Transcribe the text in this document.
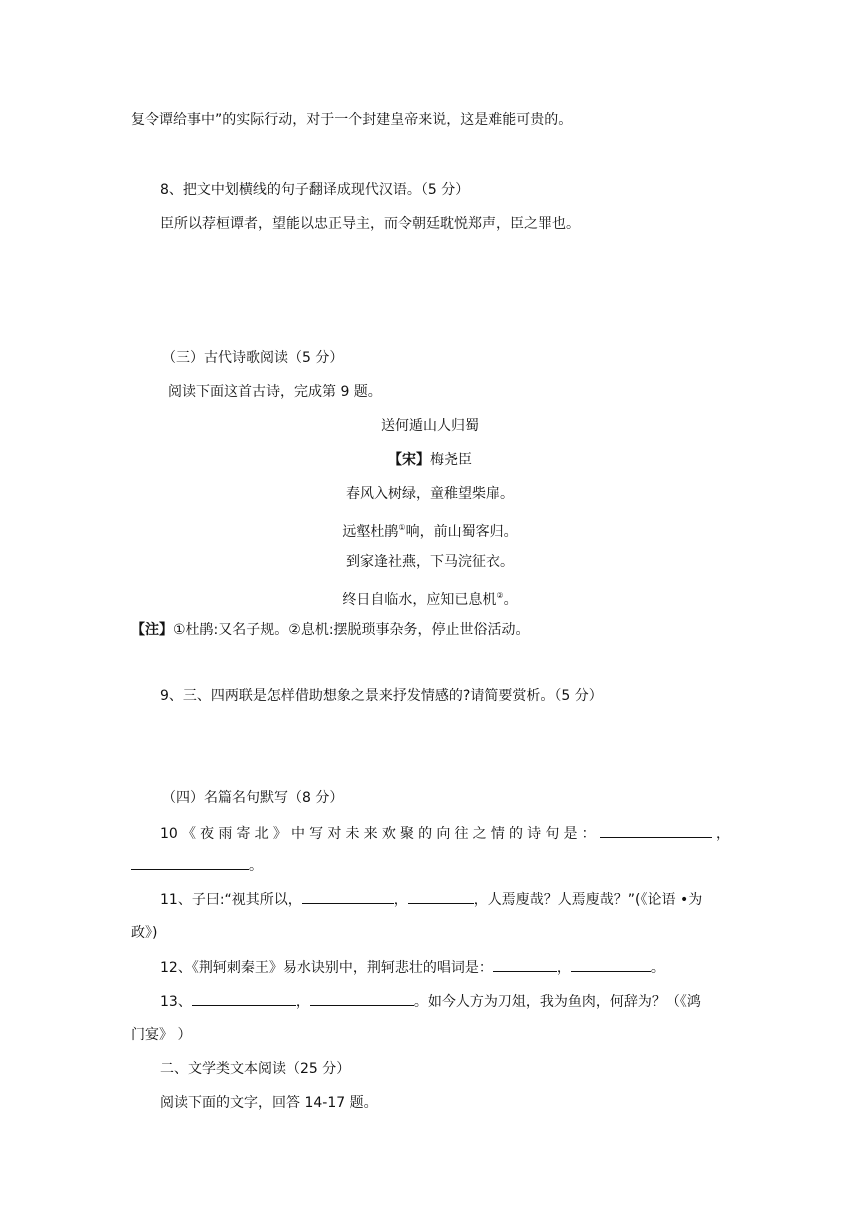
复令谭给事中”的实际行动，对于一个封建皇帝来说，这是难能可贵的。
8、把文中划横线的句子翻译成现代汉语。（5 分）
臣所以荐桓谭者，望能以忠正导主，而令朝廷耽悦郑声，臣之罪也。
（三）古代诗歌阅读（5 分）
阅读下面这首古诗，完成第 9 题。
送何遁山人归蜀
【宋】梅尧臣
春风入树绿，童稚望柴扉。
远壑杜鹃①响，前山蜀客归。
到家逢社燕，下马浣征衣。
终日自临水，应知已息机②。
【注】①杜鹃:又名子规。②息机:摆脱琐事杂务，停止世俗活动。
9、三、四两联是怎样借助想象之景来抒发情感的?请简要赏析。（5 分）
（四）名篇名句默写（8 分）
10《夜雨寄北》中写对未来欢聚的向往之情的诗句是：	，
。
11、子曰:“视其所以，	，	，人焉廋哉？人焉廋哉？”(《论语 •为
政》)
12、《荆轲刺秦王》易水诀别中，荆轲悲壮的唱词是：	，	。
13、	，	。如今人方为刀俎，我为鱼肉，何辞为？（《鸿
门宴》 ）
二、文学类文本阅读（25 分）
阅读下面的文字，回答 14-17 题。
